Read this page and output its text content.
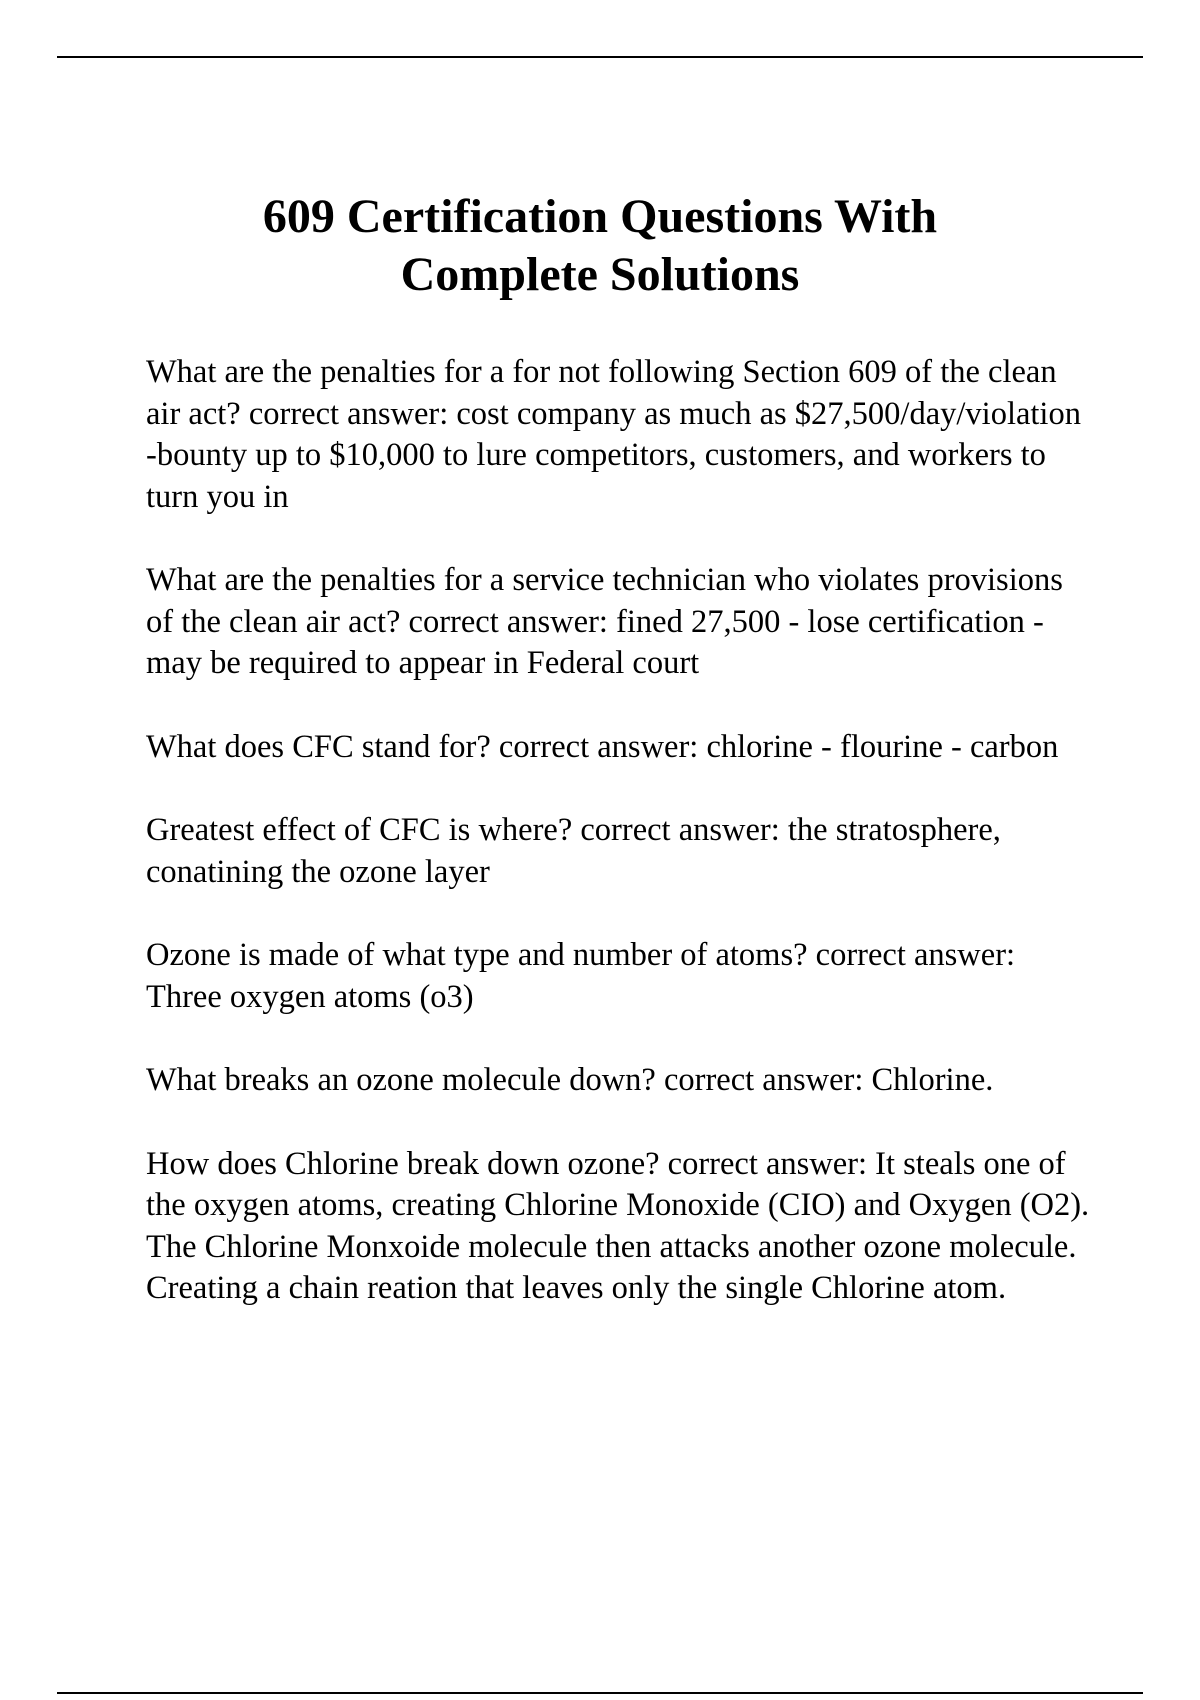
609 Certification Questions With
Complete Solutions

What are the penalties for a for not following Section 609 of the clean air act? correct answer: cost company as much as $27,500/day/violation -bounty up to $10,000 to lure competitors, customers, and workers to turn you in

What are the penalties for a service technician who violates provisions of the clean air act? correct answer: fined 27,500 - lose certification -may be required to appear in Federal court

What does CFC stand for? correct answer: chlorine - flourine - carbon

Greatest effect of CFC is where? correct answer: the stratosphere, conatining the ozone layer

Ozone is made of what type and number of atoms? correct answer: Three oxygen atoms (o3)

What breaks an ozone molecule down? correct answer: Chlorine.

How does Chlorine break down ozone? correct answer: It steals one of the oxygen atoms, creating Chlorine Monoxide (CIO) and Oxygen (O2). The Chlorine Monxoide molecule then attacks another ozone molecule. Creating a chain reation that leaves only the single Chlorine atom.
